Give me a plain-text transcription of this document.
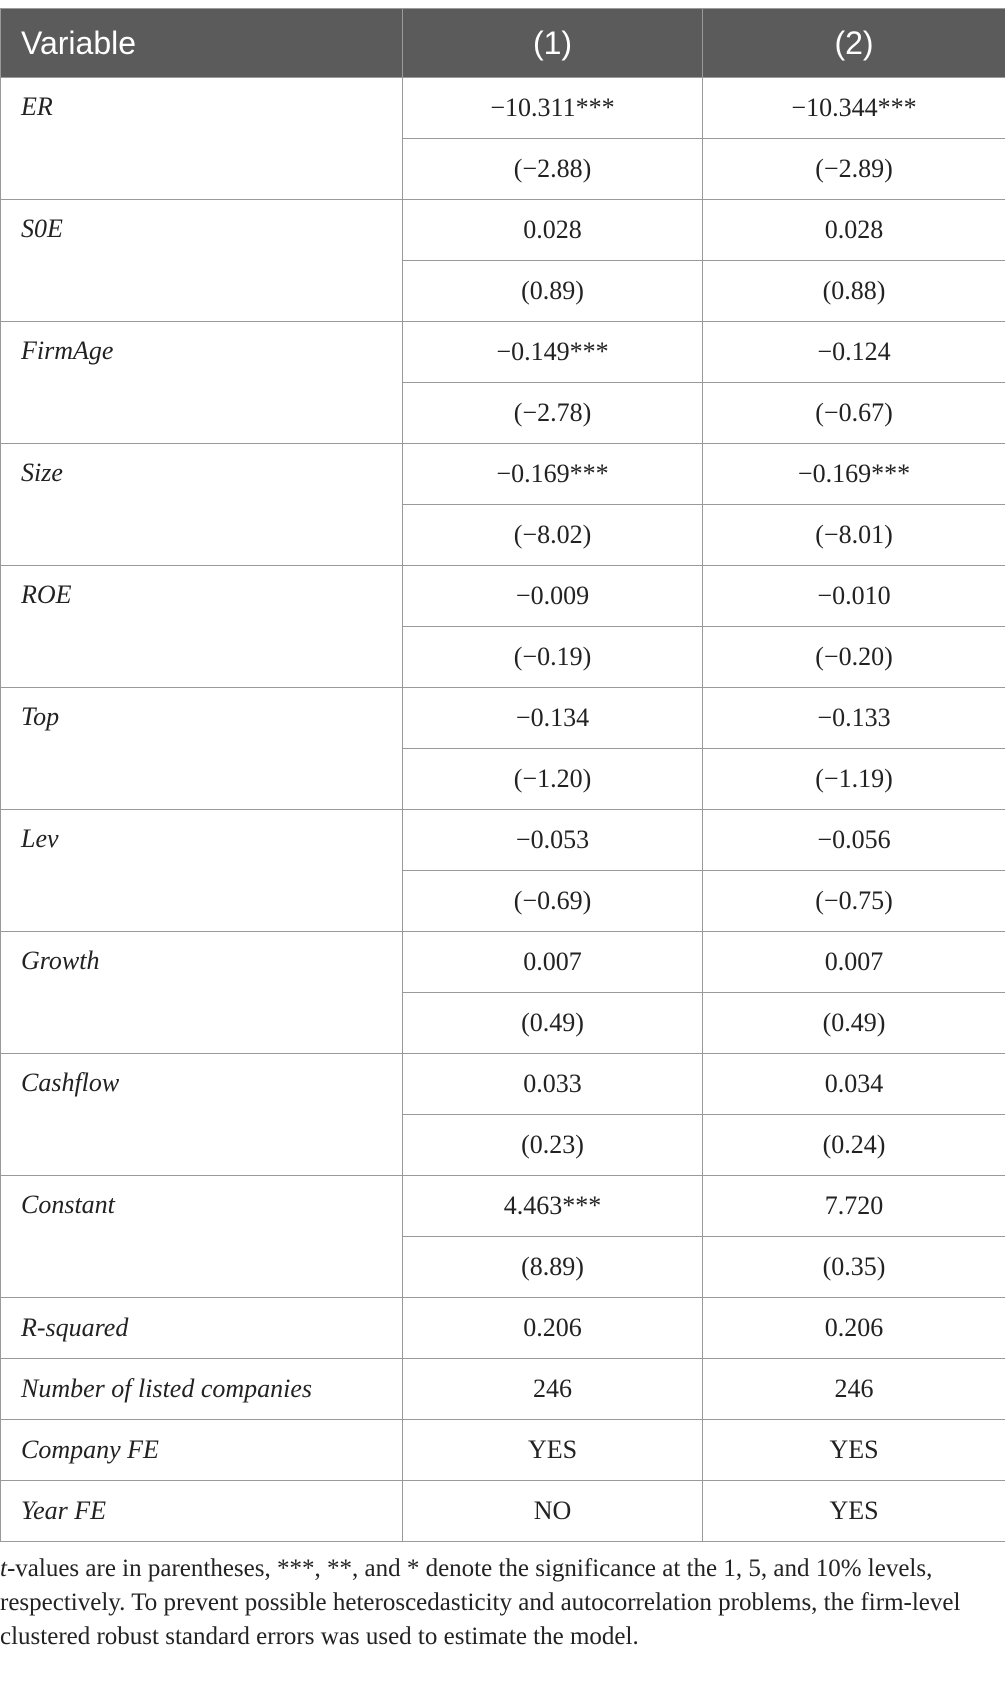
Variable	(1)	(2)
ER	−10.311***	−10.344***
	(−2.88)	(−2.89)
S0E	0.028	0.028
	(0.89)	(0.88)
FirmAge	−0.149***	−0.124
	(−2.78)	(−0.67)
Size	−0.169***	−0.169***
	(−8.02)	(−8.01)
ROE	−0.009	−0.010
	(−0.19)	(−0.20)
Top	−0.134	−0.133
	(−1.20)	(−1.19)
Lev	−0.053	−0.056
	(−0.69)	(−0.75)
Growth	0.007	0.007
	(0.49)	(0.49)
Cashflow	0.033	0.034
	(0.23)	(0.24)
Constant	4.463***	7.720
	(8.89)	(0.35)
R-squared	0.206	0.206
Number of listed companies	246	246
Company FE	YES	YES
Year FE	NO	YES
t-values are in parentheses, ***, **, and * denote the significance at the 1, 5, and 10% levels, respectively. To prevent possible heteroscedasticity and autocorrelation problems, the firm-level clustered robust standard errors was used to estimate the model.
